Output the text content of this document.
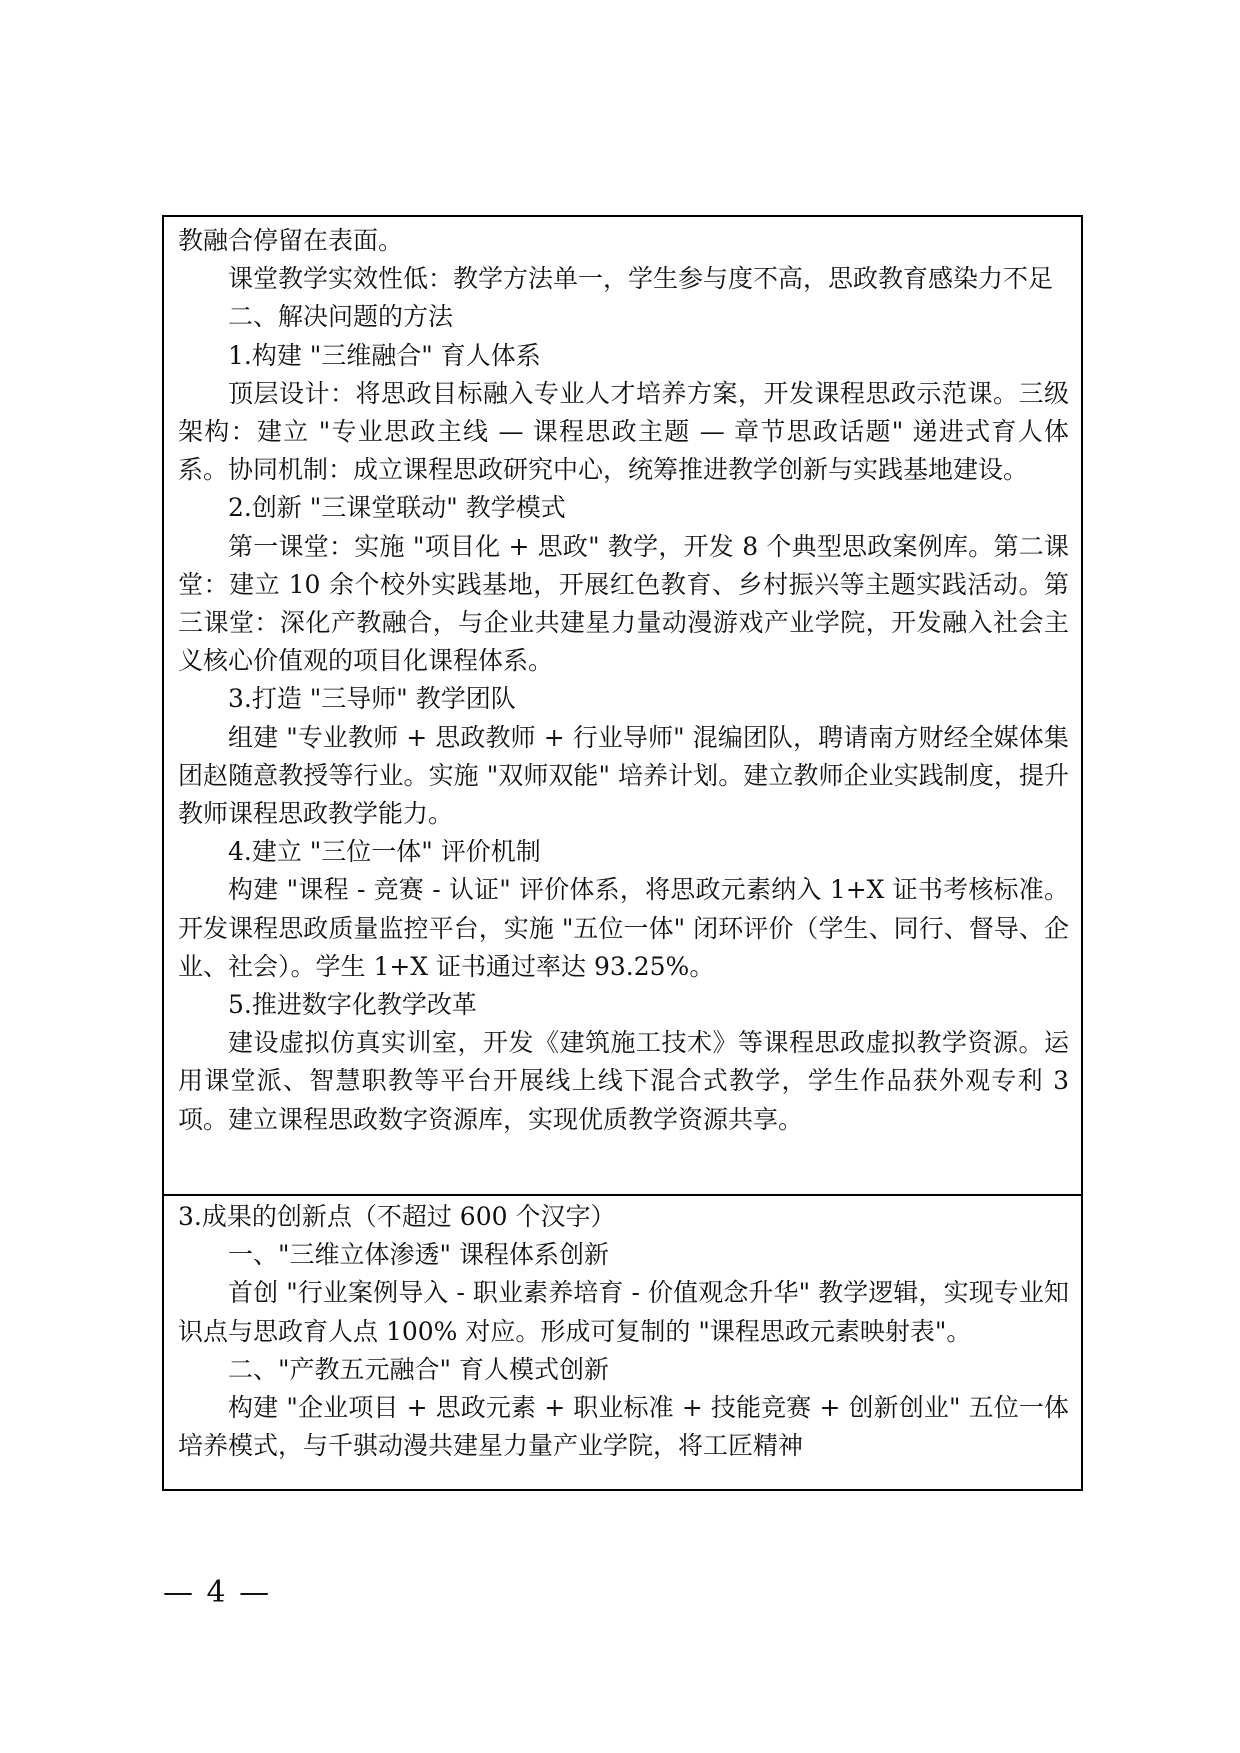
教融合停留在表面。

课堂教学实效性低：教学方法单一，学生参与度不高，思政教育感染力不足

二、解决问题的方法

1.构建 "三维融合" 育人体系

顶层设计：将思政目标融入专业人才培养方案，开发课程思政示范课。三级架构：建立 "专业思政主线 — 课程思政主题 — 章节思政话题" 递进式育人体系。协同机制：成立课程思政研究中心，统筹推进教学创新与实践基地建设。

2.创新 "三课堂联动" 教学模式

第一课堂：实施 "项目化 + 思政" 教学，开发 8 个典型思政案例库。第二课堂：建立 10 余个校外实践基地，开展红色教育、乡村振兴等主题实践活动。第三课堂：深化产教融合，与企业共建星力量动漫游戏产业学院，开发融入社会主义核心价值观的项目化课程体系。

3.打造 "三导师" 教学团队

组建 "专业教师 + 思政教师 + 行业导师" 混编团队，聘请南方财经全媒体集团赵随意教授等行业。实施 "双师双能" 培养计划。建立教师企业实践制度，提升教师课程思政教学能力。

4.建立 "三位一体" 评价机制

构建 "课程 - 竞赛 - 认证" 评价体系，将思政元素纳入 1+X 证书考核标准。开发课程思政质量监控平台，实施 "五位一体" 闭环评价（学生、同行、督导、企业、社会）。学生 1+X 证书通过率达 93.25%。

5.推进数字化教学改革

建设虚拟仿真实训室，开发《建筑施工技术》等课程思政虚拟教学资源。运用课堂派、智慧职教等平台开展线上线下混合式教学，学生作品获外观专利 3 项。建立课程思政数字资源库，实现优质教学资源共享。

3.成果的创新点（不超过 600 个汉字）

一、"三维立体渗透" 课程体系创新

首创 "行业案例导入 - 职业素养培育 - 价值观念升华" 教学逻辑，实现专业知识点与思政育人点 100% 对应。形成可复制的 "课程思政元素映射表"。

二、"产教五元融合" 育人模式创新

构建 "企业项目 + 思政元素 + 职业标准 + 技能竞赛 + 创新创业" 五位一体培养模式，与千骐动漫共建星力量产业学院，将工匠精神

— 4 —
